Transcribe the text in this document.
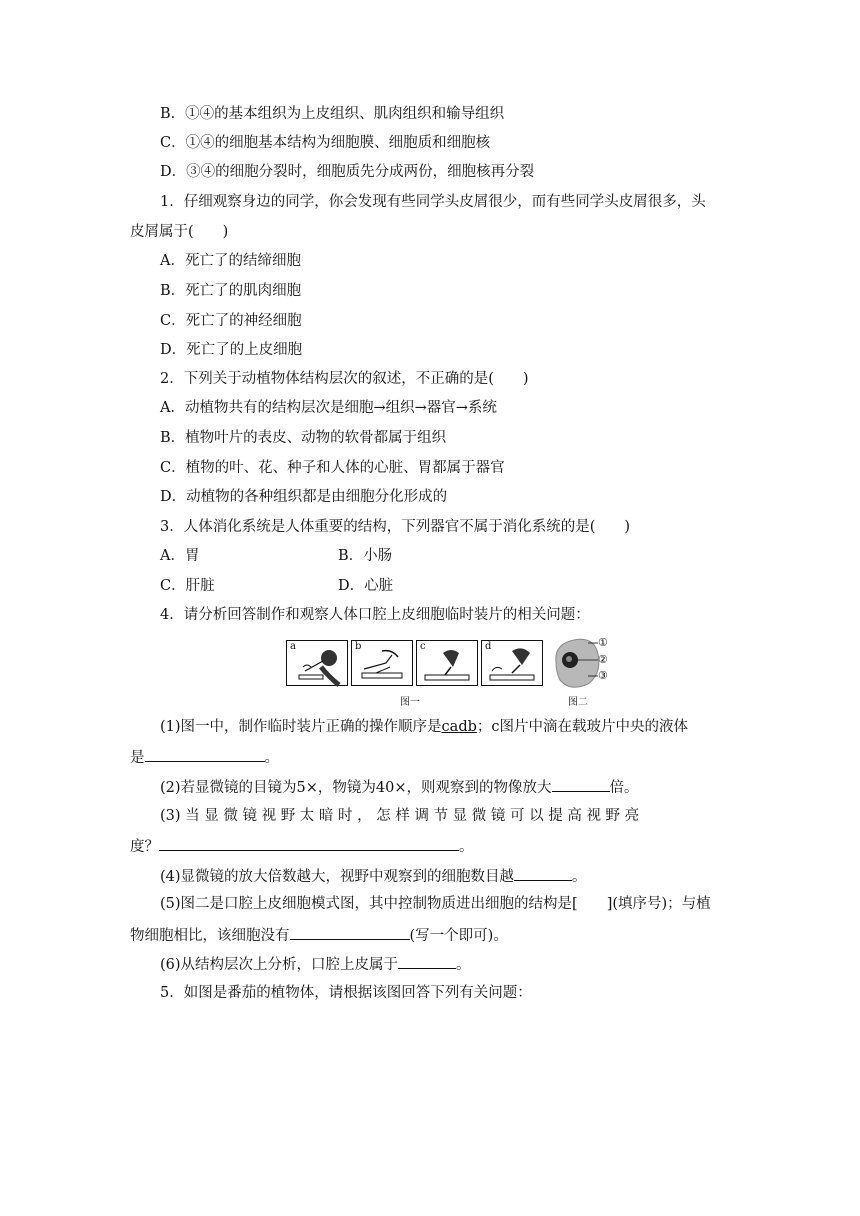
B．①④的基本组织为上皮组织、肌肉组织和输导组织
C．①④的细胞基本结构为细胞膜、细胞质和细胞核
D．③④的细胞分裂时，细胞质先分成两份，细胞核再分裂
1．仔细观察身边的同学，你会发现有些同学头皮屑很少，而有些同学头皮屑很多，头
皮屑属于(　　)
A．死亡了的结缔细胞
B．死亡了的肌肉细胞
C．死亡了的神经细胞
D．死亡了的上皮细胞
2．下列关于动植物体结构层次的叙述，不正确的是(　　)
A．动植物共有的结构层次是细胞→组织→器官→系统
B．植物叶片的表皮、动物的软骨都属于组织
C．植物的叶、花、种子和人体的心脏、胃都属于器官
D．动植物的各种组织都是由细胞分化形成的
3．人体消化系统是人体重要的结构，下列器官不属于消化系统的是(　　)
A．胃	B．小肠
C．肝脏	D．心脏
4．请分析回答制作和观察人体口腔上皮细胞临时装片的相关问题：
a	b	c	d	①
②
③
图一	图二
(1)图一中，制作临时装片正确的操作顺序是cadb；c图片中滴在载玻片中央的液体
是	。
(2)若显微镜的目镜为5×，物镜为40×，则观察到的物像放大	倍。
(3) 当 显 微 镜 视 野 太 暗 时 ， 怎 样 调 节 显 微 镜 可 以 提 高 视 野 亮
度？	。
(4)显微镜的放大倍数越大，视野中观察到的细胞数目越	。
(5)图二是口腔上皮细胞模式图，其中控制物质进出细胞的结构是[　　](填序号)；与植
物细胞相比，该细胞没有	(写一个即可)。
(6)从结构层次上分析，口腔上皮属于	。
5．如图是番茄的植物体，请根据该图回答下列有关问题：
